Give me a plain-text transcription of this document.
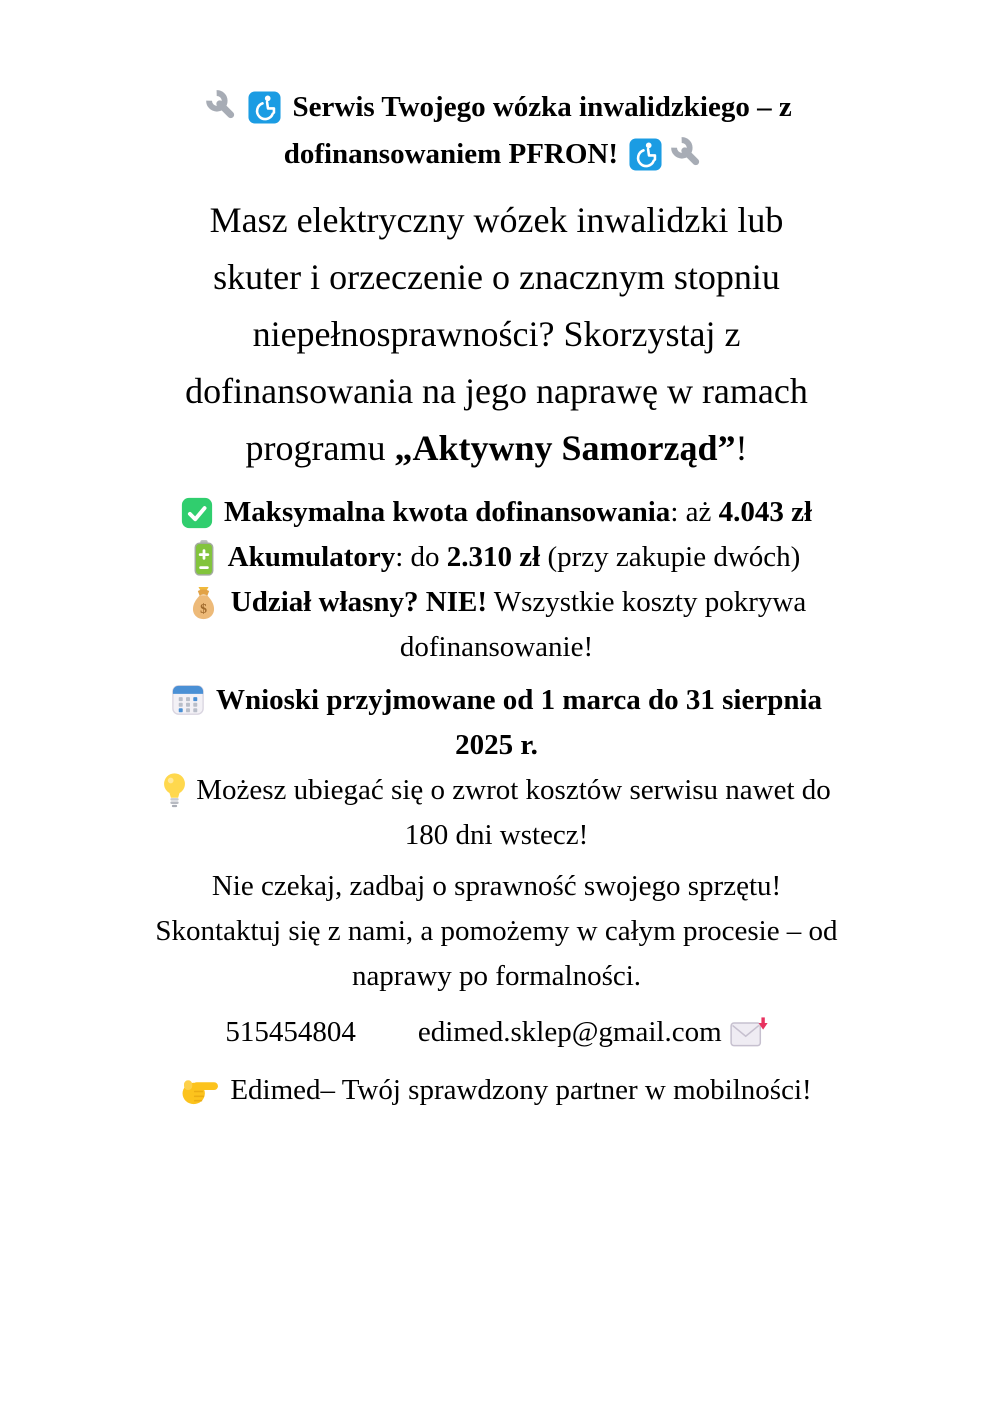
Serwis Twojego wózka inwalidzkiego – z
dofinansowaniem PFRON!

Masz elektryczny wózek inwalidzki lub
skuter i orzeczenie o znacznym stopniu
niepełnosprawności? Skorzystaj z
dofinansowania na jego naprawę w ramach
programu „Aktywny Samorząd”!

Maksymalna kwota dofinansowania: aż 4.043 zł

Akumulatory: do 2.310 zł (przy zakupie dwóch)

Udział własny? NIE! Wszystkie koszty pokrywa
dofinansowanie!

Wnioski przyjmowane od 1 marca do 31 sierpnia
2025 r.

Możesz ubiegać się o zwrot kosztów serwisu nawet do
180 dni wstecz!

Nie czekaj, zadbaj o sprawność swojego sprzętu!
Skontaktuj się z nami, a pomożemy w całym procesie – od
naprawy po formalności.

515454804 edimed.sklep@gmail.com

Edimed– Twój sprawdzony partner w mobilności!
